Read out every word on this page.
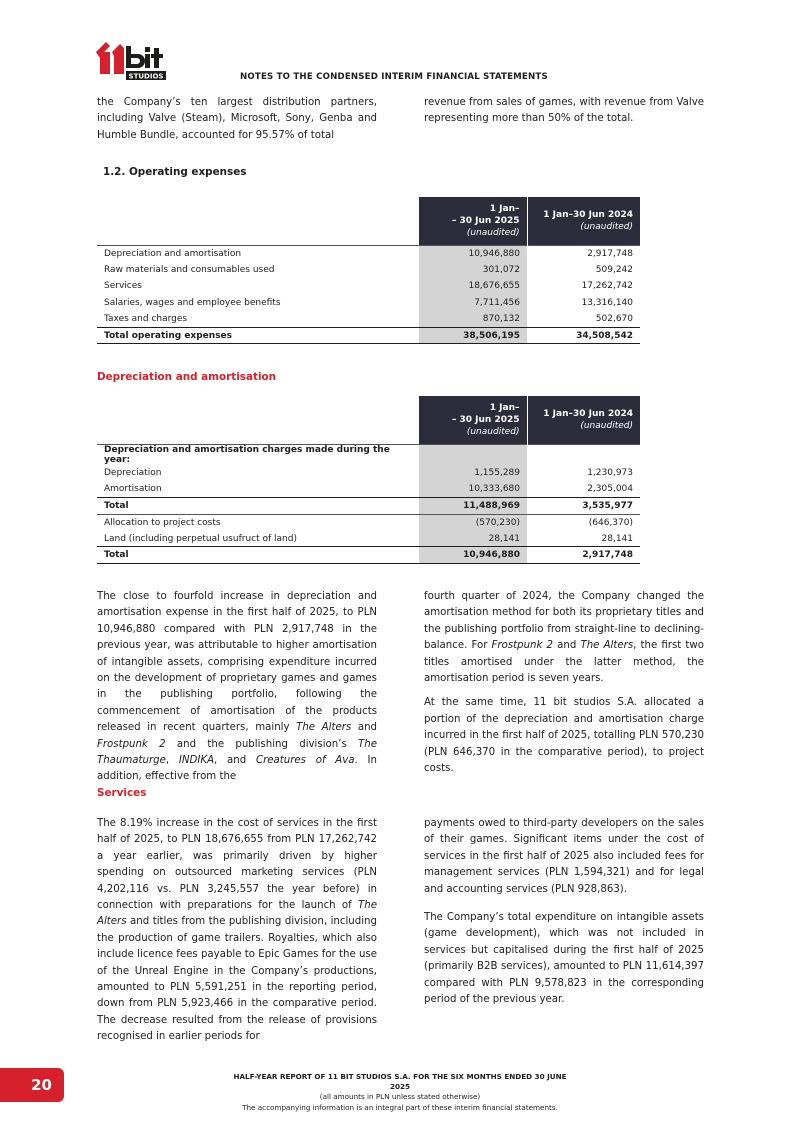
STUDIOS	NOTES TO THE CONDENSED INTERIM FINANCIAL STATEMENTS
the Company’s ten largest distribution partners, including Valve (Steam), Microsoft, Sony, Genba and Humble Bundle, accounted for 95.57% of total
revenue from sales of games, with revenue from Valve representing more than 50% of the total.
1.2. Operating expenses

	1 Jan–
– 30 Jun 2025
(unaudited)	1 Jan–30 Jun 2024
(unaudited)

Depreciation and amortisation	10,946,880	2,917,748
Raw materials and consumables used	301,072	509,242
Services	18,676,655	17,262,742
Salaries, wages and employee benefits	7,711,456	13,316,140
Taxes and charges	870,132	502,670
Total operating expenses	38,506,195	34,508,542
Depreciation and amortisation

	1 Jan–
– 30 Jun 2025
(unaudited)	1 Jan–30 Jun 2024
(unaudited)

Depreciation and amortisation charges made during the year:		
Depreciation	1,155,289	1,230,973
Amortisation	10,333,680	2,305,004
Total	11,488,969	3,535,977
Allocation to project costs	(570,230)	(646,370)
Land (including perpetual usufruct of land)	28,141	28,141
Total	10,946,880	2,917,748
The close to fourfold increase in depreciation and amortisation expense in the first half of 2025, to PLN 10,946,880 compared with PLN 2,917,748 in the previous year, was attributable to higher amortisation of intangible assets, comprising expenditure incurred on the development of proprietary games and games in the publishing portfolio, following the commencement of amortisation of the products released in recent quarters, mainly The Alters and Frostpunk 2 and the publishing division’s The Thaumaturge, INDIKA, and Creatures of Ava. In addition, effective from the

fourth quarter of 2024, the Company changed the amortisation method for both its proprietary titles and the publishing portfolio from straight-line to declining-balance. For Frostpunk 2 and The Alters, the first two titles amortised under the latter method, the amortisation period is seven years.

At the same time, 11 bit studios S.A. allocated a portion of the depreciation and amortisation charge incurred in the first half of 2025, totalling PLN 570,230 (PLN 646,370 in the comparative period), to project costs.

Services
The 8.19% increase in the cost of services in the first half of 2025, to PLN 18,676,655 from PLN 17,262,742 a year earlier, was primarily driven by higher spending on outsourced marketing services (PLN 4,202,116 vs. PLN 3,245,557 the year before) in connection with preparations for the launch of The Alters and titles from the publishing division, including the production of game trailers. Royalties, which also include licence fees payable to Epic Games for the use of the Unreal Engine in the Company’s productions, amounted to PLN 5,591,251 in the reporting period, down from PLN 5,923,466 in the comparative period. The decrease resulted from the release of provisions recognised in earlier periods for

payments owed to third-party developers on the sales of their games. Significant items under the cost of services in the first half of 2025 also included fees for management services (PLN 1,594,321) and for legal and accounting services (PLN 928,863).

The Company’s total expenditure on intangible assets (game development), which was not included in services but capitalised during the first half of 2025 (primarily B2B services), amounted to PLN 11,614,397 compared with PLN 9,578,823 in the corresponding period of the previous year.

20	HALF-YEAR REPORT OF 11 BIT STUDIOS S.A. FOR THE SIX MONTHS ENDED 30 JUNE
2025
(all amounts in PLN unless stated otherwise)
The accompanying information is an integral part of these interim financial statements.
